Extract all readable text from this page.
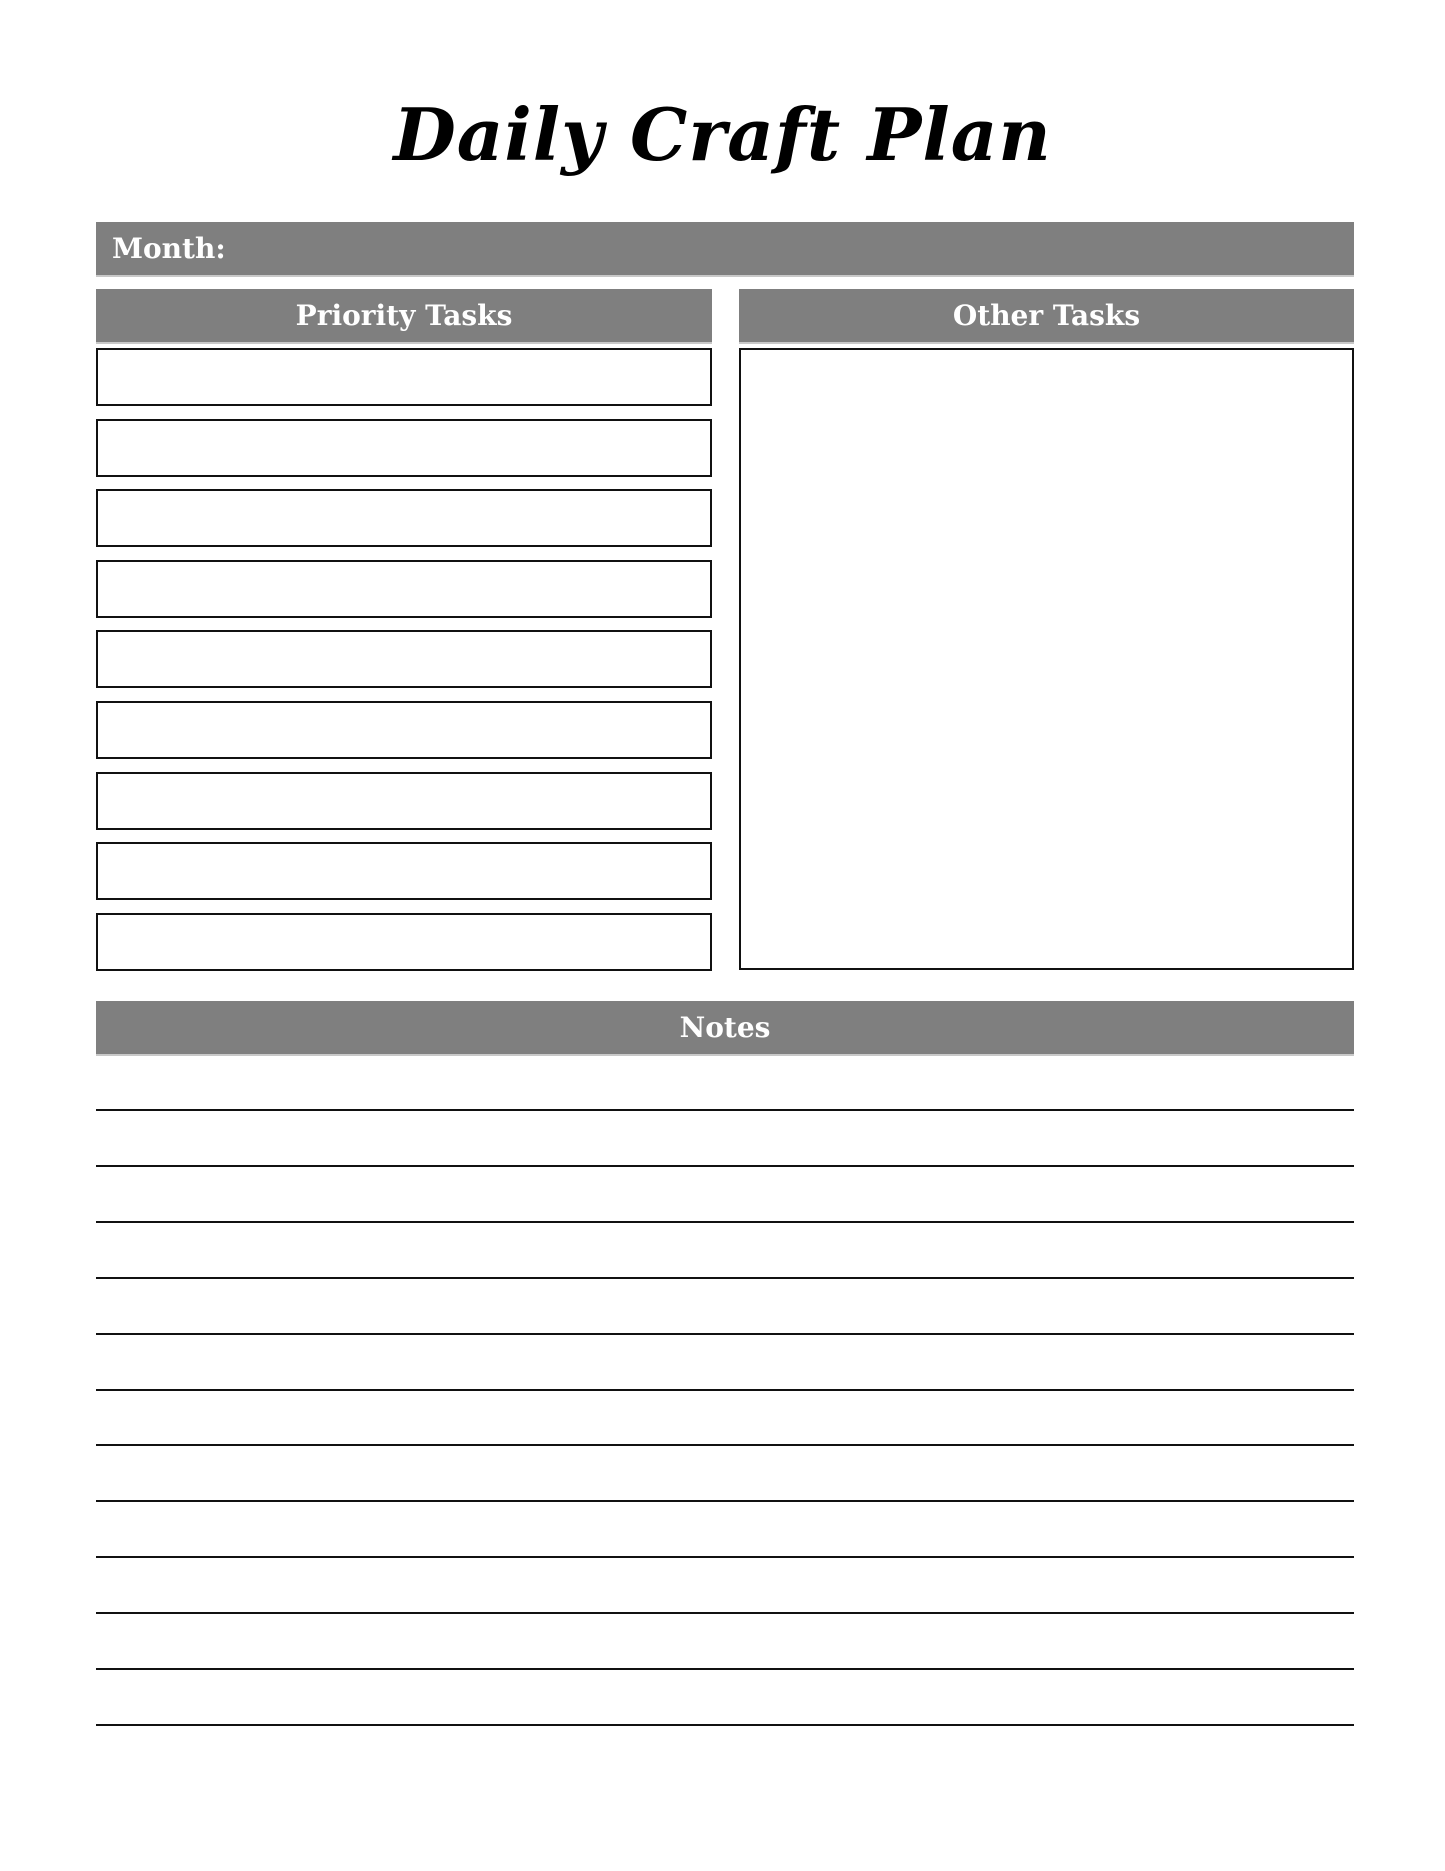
Daily Craft Plan
Month:
Priority Tasks	Other Tasks
Notes
